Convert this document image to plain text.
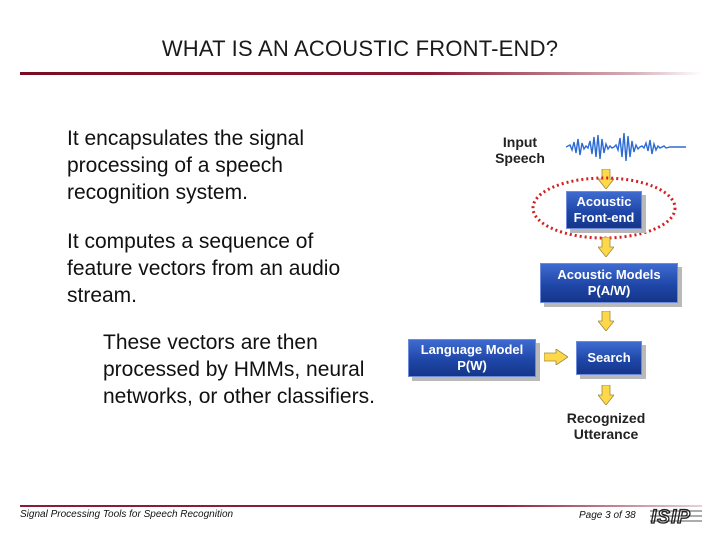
WHAT IS AN ACOUSTIC FRONT-END?
It encapsulates the signal processing of a speech recognition system.
It computes a sequence of feature vectors from an audio stream.
These vectors are then processed by HMMs, neural networks, or other classifiers.
Input
Speech
Acoustic
Front-end
Acoustic Models
P(A/W)
Language Model
P(W)
Search
Recognized
Utterance
Signal Processing Tools for Speech Recognition	Page 3 of 38 ISIP
